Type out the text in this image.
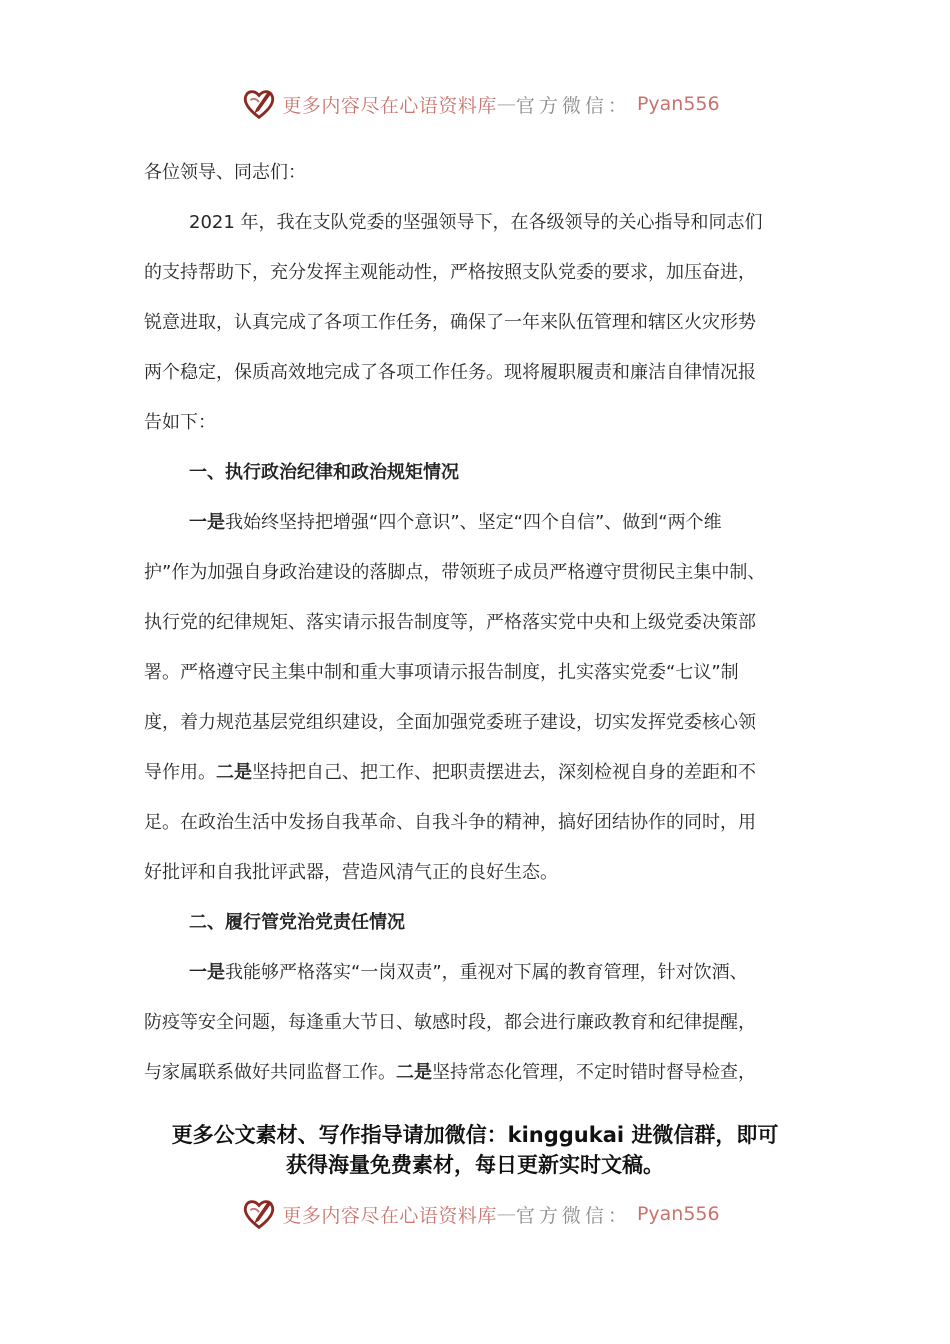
更多内容尽在心语资料库 — 官方微信： Pyan556
各位领导、同志们：
2021 年，我在支队党委的坚强领导下，在各级领导的关心指导和同志们
的支持帮助下，充分发挥主观能动性，严格按照支队党委的要求，加压奋进，
锐意进取，认真完成了各项工作任务，确保了一年来队伍管理和辖区火灾形势
两个稳定，保质高效地完成了各项工作任务。现将履职履责和廉洁自律情况报
告如下：
一、执行政治纪律和政治规矩情况
一是我始终坚持把增强“四个意识”、坚定“四个自信”、做到“两个维
护”作为加强自身政治建设的落脚点，带领班子成员严格遵守贯彻民主集中制、
执行党的纪律规矩、落实请示报告制度等，严格落实党中央和上级党委决策部
署。严格遵守民主集中制和重大事项请示报告制度，扎实落实党委“七议”制
度，着力规范基层党组织建设，全面加强党委班子建设，切实发挥党委核心领
导作用。二是坚持把自己、把工作、把职责摆进去，深刻检视自身的差距和不
足。在政治生活中发扬自我革命、自我斗争的精神，搞好团结协作的同时，用
好批评和自我批评武器，营造风清气正的良好生态。
二、履行管党治党责任情况
一是我能够严格落实“一岗双责”，重视对下属的教育管理，针对饮酒、
防疫等安全问题，每逢重大节日、敏感时段，都会进行廉政教育和纪律提醒，
与家属联系做好共同监督工作。二是坚持常态化管理，不定时错时督导检查，
更多公文素材、写作指导请加微信：kinggukai 进微信群，即可
获得海量免费素材，每日更新实时文稿。
更多内容尽在心语资料库 — 官方微信： Pyan556
